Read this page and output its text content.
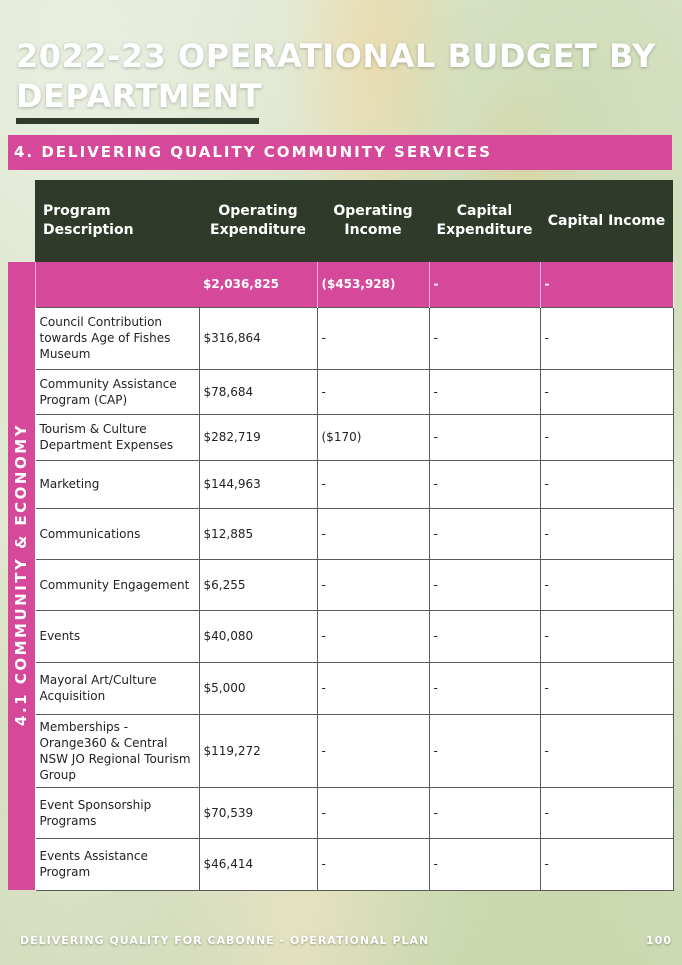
2022-23 OPERATIONAL BUDGET BY DEPARTMENT
4. DELIVERING QUALITY COMMUNITY SERVICES
	Program Description	Operating Expenditure	Operating Income	Capital Expenditure	Capital Income
4.1 COMMUNITY & ECONOMY		$2,036,825	($453,928)	-	-
	Council Contribution towards Age of Fishes Museum	$316,864	-	-	-
	Community Assistance Program (CAP)	$78,684	-	-	-
	Tourism & Culture Department Expenses	$282,719	($170)	-	-
	Marketing	$144,963	-	-	-
	Communications	$12,885	-	-	-
	Community Engagement	$6,255	-	-	-
	Events	$40,080	-	-	-
	Mayoral Art/Culture Acquisition	$5,000	-	-	-
	Memberships - Orange360 & Central NSW JO Regional Tourism Group	$119,272	-	-	-
	Event Sponsorship Programs	$70,539	-	-	-
	Events Assistance Program	$46,414	-	-	-
DELIVERING QUALITY FOR CABONNE - OPERATIONAL PLAN	100
